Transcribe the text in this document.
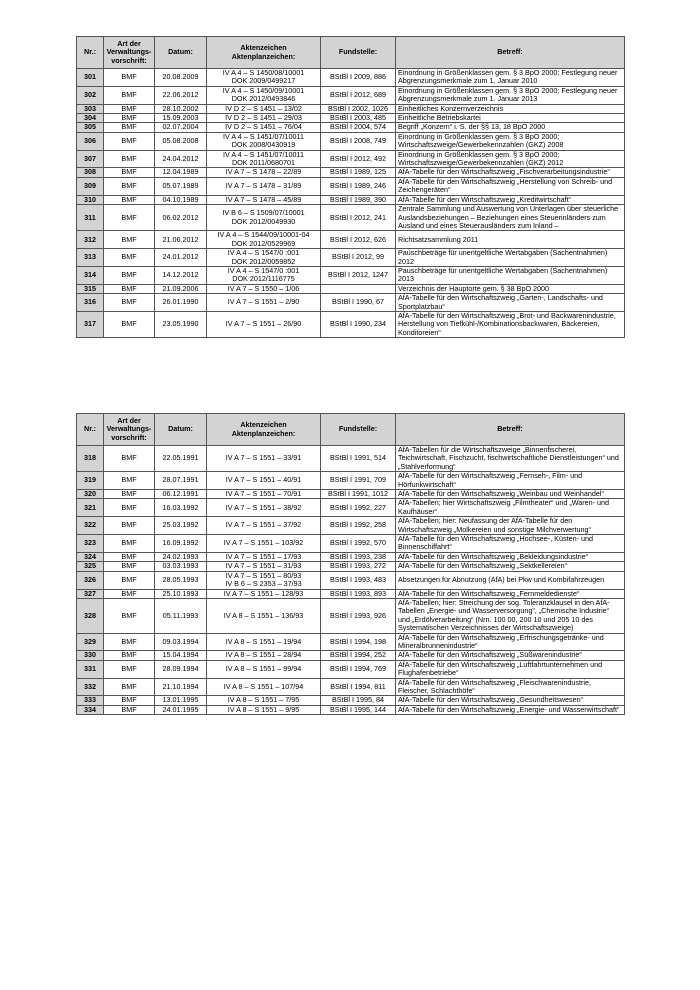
Nr.:	Art der
Verwaltungs-
vorschrift:	Datum:	Aktenzeichen
Aktenplanzeichen:	Fundstelle:	Betreff:
301	BMF	20.08.2009	IV A 4 – S 1450/08/10001
DOK 2009/0499217	BStBl I 2009, 886	Einordnung in Größenklassen gem. § 3 BpO 2000; Festlegung neuer Abgrenzungsmerkmale zum 1. Januar 2010
302	BMF	22.06.2012	IV A 4 – S 1450/09/10001
DOK 2012/0493846	BStBl I 2012, 689	Einordnung in Größenklassen gem. § 3 BpO 2000; Festlegung neuer Abgrenzungsmerkmale zum 1. Januar 2013
303	BMF	28.10.2002	IV D 2 – S 1451 – 13/02	BStBl I 2002, 1026	Einheitliches Konzernverzeichnis
304	BMF	15.09.2003	IV D 2 – S 1451 – 29/03	BStBl I 2003, 485	Einheitliche Betriebskartei
305	BMF	02.07.2004	IV D 2 – S 1451 – 76/04	BStBl I 2004, 574	Begriff „Konzern“ i. S. der §§ 13, 18 BpO 2000
306	BMF	05.08.2008	IV A 4 – S 1451/07/10011
DOK 2008/0430919	BStBl I 2008, 749	Einordnung in Größenklassen gem. § 3 BpO 2000; Wirtschaftszweige/Gewerbekennzahlen (GKZ) 2008
307	BMF	24.04.2012	IV A 4 – S 1451/07/10011
DOK 2011/0680701	BStBl I 2012, 492	Einordnung in Größenklassen gem. § 3 BpO 2000; Wirtschaftszweige/Gewerbekennzahlen (GKZ) 2012
308	BMF	12.04.1989	IV A 7 – S 1478 – 22/89	BStBl I 1989, 125	AfA-Tabelle für den Wirtschaftszweig „Fischverarbeitungsindustrie“
309	BMF	05.07.1989	IV A 7 – S 1478 – 31/89	BStBl I 1989, 246	AfA-Tabelle für den Wirtschaftszweig „Herstellung von Schreib- und Zeichengeräten“
310	BMF	04.10.1989	IV A 7 – S 1478 – 45/89	BStBl I 1989, 390	AfA-Tabelle für den Wirtschaftszweig „Kreditwirtschaft“
311	BMF	06.02.2012	IV B 6 – S 1509/07/10001
DOK 2012/0049930	BStBl I 2012, 241	Zentrale Sammlung und Auswertung von Unterlagen über steuerliche Auslandsbeziehungen – Beziehungen eines Steuerinländers zum Ausland und eines Steuerausländers zum Inland –
312	BMF	21.06.2012	IV A 4 – S 1544/09/10001-04
DOK 2012/0529969	BStBl I 2012, 626	Richtsatzsammlung 2011
313	BMF	24.01.2012	IV A 4 – S 1547/0 :001
DOK 2012/0059852	BStBl I 2012, 99	Pauschbeträge für unentgeltliche Wertabgaben (Sachentnahmen) 2012
314	BMF	14.12.2012	IV A 4 – S 1547/0 :001
DOK 2012/1116775	BStBl I 2012, 1247	Pauschbeträge für unentgeltliche Wertabgaben (Sachentnahmen) 2013
315	BMF	21.09.2006	IV A 7 – S 1550 – 1/06		Verzeichnis der Hauptorte gem. § 38 BpO 2000
316	BMF	26.01.1990	IV A 7 – S 1551 – 2/90	BStBl I 1990, 67	AfA-Tabelle für den Wirtschaftszweig „Garten-, Landschafts- und Sportplatzbau“
317	BMF	23.05.1990	IV A 7 – S 1551 – 26/90	BStBl I 1990, 234	AfA-Tabelle für den Wirtschaftszweig „Brot- und Backwarenindustrie, Herstellung von Tiefkühl-/Kombinationsbackwaren, Bäckereien, Konditoreien“
Nr.:	Art der
Verwaltungs-
vorschrift:	Datum:	Aktenzeichen
Aktenplanzeichen:	Fundstelle:	Betreff:
318	BMF	22.05.1991	IV A 7 – S 1551 – 33/91	BStBl I 1991, 514	AfA-Tabellen für die Wirtschaftszweige „Binnenfischerei, Teichwirtschaft, Fischzucht, fischwirtschaftliche Dienstleistungen“ und „Stahlverformung“
319	BMF	28.07.1991	IV A 7 – S 1551 – 40/91	BStBl I 1991, 709	AfA-Tabelle für den Wirtschaftszweig „Fernseh-, Film- und Hörfunkwirtschaft“
320	BMF	06.12.1991	IV A 7 – S 1551 – 70/91	BStBl I 1991, 1012	AfA-Tabelle für den Wirtschaftszweig „Weinbau und Weinhandel“
321	BMF	16.03.1992	IV A 7 – S 1551 – 38/92	BStBl I 1992, 227	AfA-Tabellen; hier Wirtschaftszweig „Filmtheater“ und „Waren- und Kaufhäuser“
322	BMF	25.03.1992	IV A 7 – S 1551 – 37/92	BStBl I 1992, 258	AfA-Tabellen; hier: Neufassung der AfA-Tabelle für den Wirtschaftszweig „Molkereien und sonstige Milchverwertung“
323	BMF	16.09.1992	IV A 7 – S 1551 – 103/92	BStBl I 1992, 570	AfA-Tabelle für den Wirtschaftszweig „Hochsee-, Küsten- und Binnenschiffahrt“
324	BMF	24.02.1993	IV A 7 – S 1551 – 17/93	BStBl I 1993, 238	AfA-Tabelle für den Wirtschaftszweig „Bekleidungsindustrie“
325	BMF	03.03.1993	IV A 7 – S 1551 – 31/93	BStBl I 1993, 272	AfA-Tabelle für den Wirtschaftszweig „Sektkellereien“
326	BMF	28.05.1993	IV A 7 – S 1551 – 80/93
IV B 6 – S 2353 – 37/93	BStBl I 1993, 483	Absetzungen für Abnutzung (AfA) bei Pkw und Kombifahrzeugen
327	BMF	25.10.1993	IV A 7 – S 1551 – 128/93	BStBl I 1993, 893	AfA-Tabelle für den Wirtschaftszweig „Fernmeldedienste“
328	BMF	05.11.1993	IV A 8 – S 1551 – 136/93	BStBl I 1993, 926	AfA-Tabellen; hier: Streichung der sog. Toleranzklausel in den AfA-Tabellen „Energie- und Wasserversorgung“, „Chemische Industrie“ und „Erdölverarbeitung“ (Nrn. 100 00, 200 10 und 205 10 des Systematischen Verzeichnisses der Wirtschaftszweige)
329	BMF	09.03.1994	IV A 8 – S 1551 – 19/94	BStBl I 1994, 198	AfA-Tabelle für den Wirtschaftszweig „Erfrischungsgetränke- und Mineralbrunnenindustrie“
330	BMF	15.04.1994	IV A 8 – S 1551 – 28/94	BStBl I 1994, 252	AfA-Tabelle für den Wirtschaftszweig „Süßwarenindustrie“
331	BMF	28.09.1994	IV A 8 – S 1551 – 99/94	BStBl I 1994, 769	AfA-Tabelle für den Wirtschaftszweig „Luftfahrtunternehmen und Flughafenbetriebe“
332	BMF	21.10.1994	IV A 8 – S 1551 – 107/94	BStBl I 1994, 811	AfA-Tabelle für den Wirtschaftszweig „Fleischwarenindustrie, Fleischer, Schlachthöfe“
333	BMF	13.01.1995	IV A 8 – S 1551 – 7/95	BStBl I 1995, 84	AfA-Tabelle für den Wirtschaftszweig „Gesundheitswesen“
334	BMF	24.01.1995	IV A 8 – S 1551 – 9/95	BStBl I 1995, 144	AfA-Tabelle für den Wirtschaftszweig „Energie- und Wasserwirtschaft“
